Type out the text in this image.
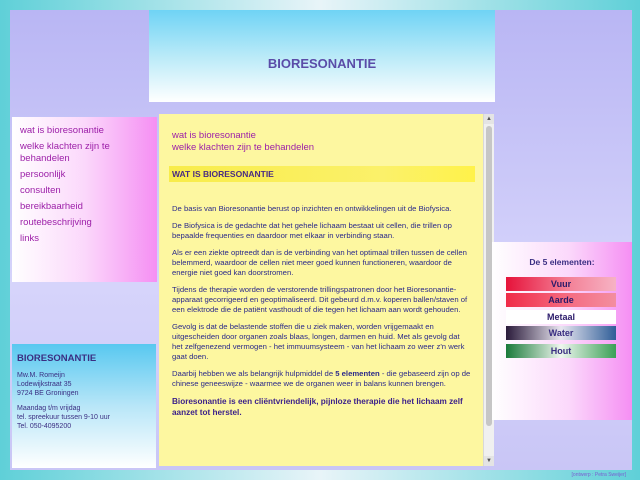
BIORESONANTIE
wat is bioresonantie
welke klachten zijn te behandelen
persoonlijk
consulten
bereikbaarheid
routebeschrijving
links
BIORESONANTIE
Mw.M. Romeijn
Lodewijkstraat 35
9724 BE Groningen
Maandag t/m vrijdag
tel. spreekuur tussen 9-10 uur
Tel. 050-4095200
wat is bioresonantie
welke klachten zijn te behandelen
WAT IS BIORESONANTIE

De basis van Bioresonantie berust op inzichten en ontwikkelingen uit de Biofysica.

De Biofysica is de gedachte dat het gehele lichaam bestaat uit cellen, die trillen op bepaalde frequenties en daardoor met elkaar in verbinding staan.

Als er een ziekte optreedt dan is de verbinding van het optimaal trillen tussen de cellen belemmerd, waardoor de cellen niet meer goed kunnen functioneren, waardoor de energie niet goed kan doorstromen.

Tijdens de therapie worden de verstorende trillingspatronen door het Bioresonantie-apparaat gecorrigeerd en geoptimaliseerd. Dit gebeurd d.m.v. koperen ballen/staven of een elektrode die de patiënt vasthoudt of die tegen het lichaam aan wordt gehouden.

Gevolg is dat de belastende stoffen die u ziek maken, worden vrijgemaakt en uitgescheiden door organen zoals blaas, longen, darmen en huid. Met als gevolg dat het zelfgenezend vermogen - het immuumsysteem - van het lichaam zo weer z'n werk gaat doen.

Daarbij hebben we als belangrijk hulpmiddel de 5 elementen - die gebaseerd zijn op de chinese geneeswijze - waarmee we de organen weer in balans kunnen brengen.

Bioresonantie is een cliëntvriendelijk, pijnloze therapie die het lichaam zelf aanzet tot herstel.

▲
▼
De 5 elementen:
Vuur
Aarde
Metaal
Water
Hout
[ontwerp : Petra Sweijer]
